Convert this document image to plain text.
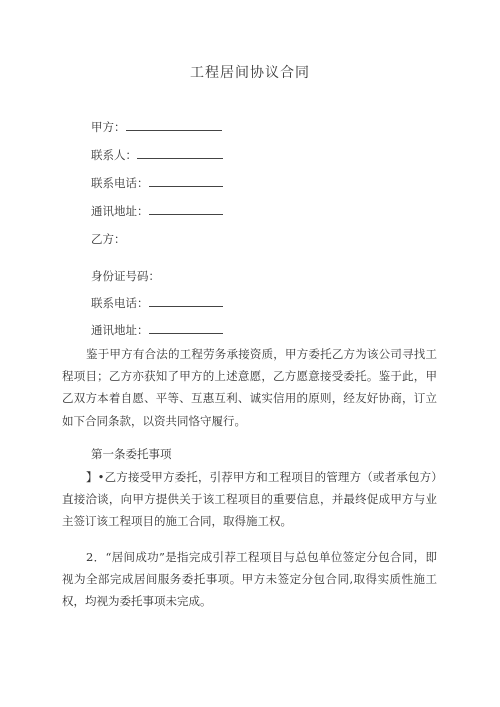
工程居间协议合同
甲方：
联系人：
联系电话：
通讯地址：
乙方：
身份证号码：
联系电话：
通讯地址：
鉴于甲方有合法的工程劳务承接资质，甲方委托乙方为该公司寻找工程项目；乙方亦获知了甲方的上述意愿，乙方愿意接受委托。鉴于此，甲乙双方本着自愿、平等、互惠互利、诚实信用的原则，经友好协商，订立如下合同条款，以资共同恪守履行。
第一条委托事项
】•乙方接受甲方委托，引荐甲方和工程项目的管理方（或者承包方）直接洽谈，向甲方提供关于该工程项目的重要信息，并最终促成甲方与业主签订该工程项目的施工合同，取得施工权。
2．“居间成功”是指完成引荐工程项目与总包单位签定分包合同，即视为全部完成居间服务委托事项。甲方未签定分包合同,取得实质性施工权，均视为委托事项未完成。
